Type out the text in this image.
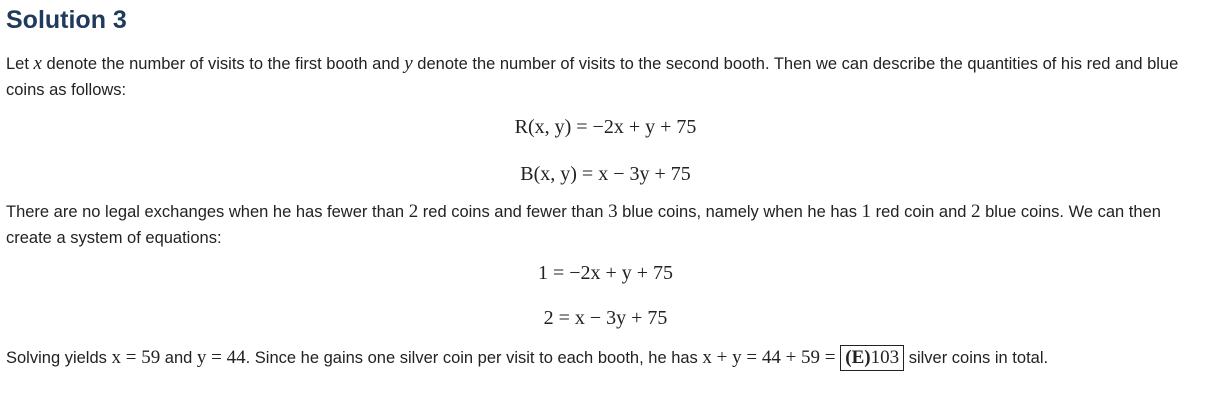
Solution 3

Let x denote the number of visits to the first booth and y denote the number of visits to the second booth. Then we can describe the quantities of his red and blue coins as follows:

R(x, y) = −2x + y + 75
B(x, y) = x − 3y + 75

There are no legal exchanges when he has fewer than 2 red coins and fewer than 3 blue coins, namely when he has 1 red coin and 2 blue coins. We can then create a system of equations:

1 = −2x + y + 75
2 = x − 3y + 75

Solving yields x = 59 and y = 44. Since he gains one silver coin per visit to each booth, he has x + y = 44 + 59 = (E)103 silver coins in total.
